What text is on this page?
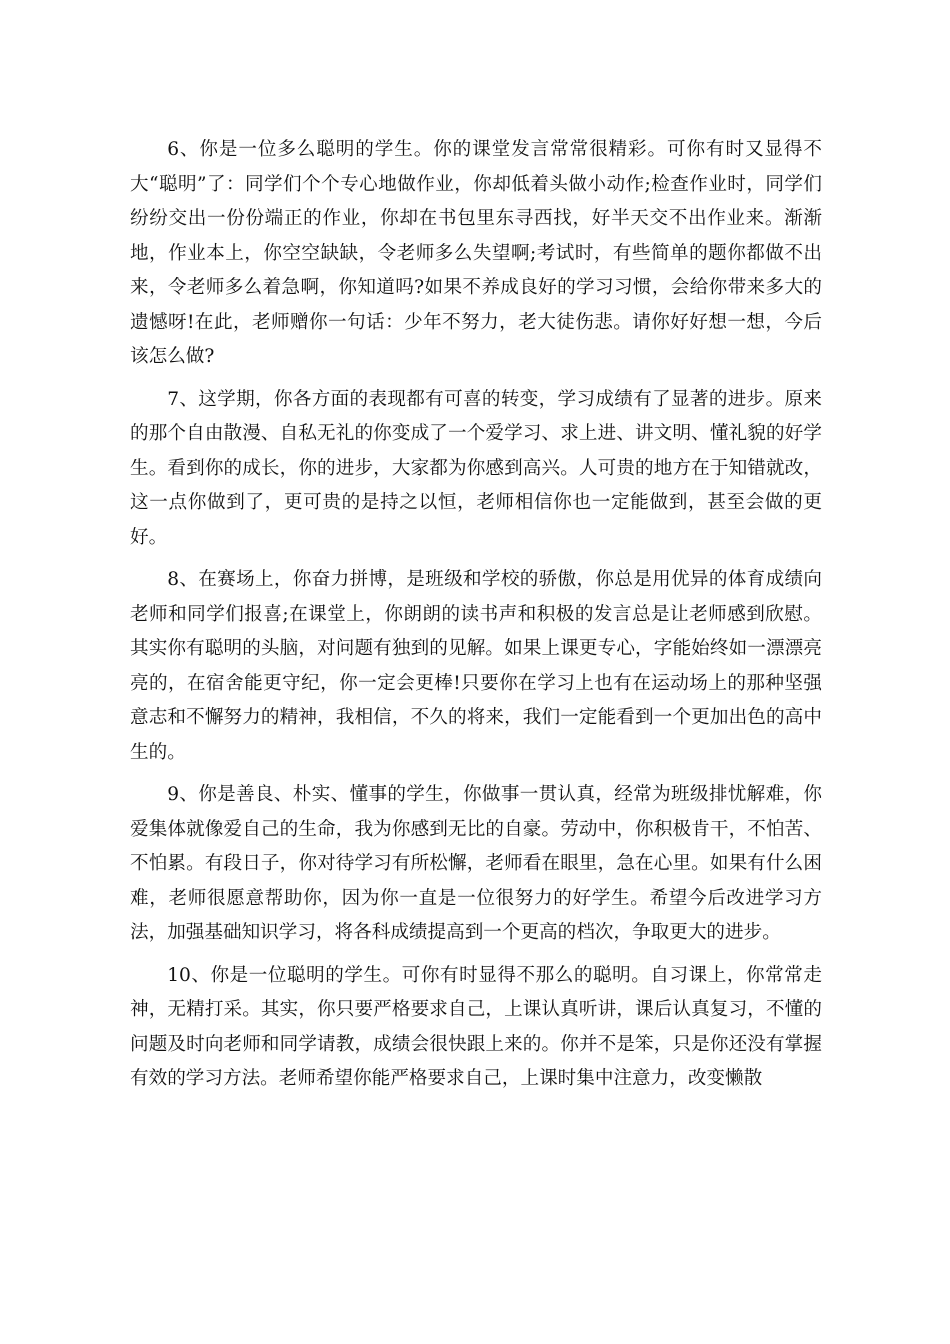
6、你是一位多么聪明的学生。你的课堂发言常常很精彩。可你有时又显得不大“聪明”了：同学们个个专心地做作业，你却低着头做小动作;检查作业时，同学们纷纷交出一份份端正的作业，你却在书包里东寻西找，好半天交不出作业来。渐渐地，作业本上，你空空缺缺，令老师多么失望啊;考试时，有些简单的题你都做不出来，令老师多么着急啊，你知道吗?如果不养成良好的学习习惯，会给你带来多大的遗憾呀!在此，老师赠你一句话：少年不努力，老大徒伤悲。请你好好想一想，今后该怎么做?

7、这学期，你各方面的表现都有可喜的转变，学习成绩有了显著的进步。原来的那个自由散漫、自私无礼的你变成了一个爱学习、求上进、讲文明、懂礼貌的好学生。看到你的成长，你的进步，大家都为你感到高兴。人可贵的地方在于知错就改，这一点你做到了，更可贵的是持之以恒，老师相信你也一定能做到，甚至会做的更好。

8、在赛场上，你奋力拼博，是班级和学校的骄傲，你总是用优异的体育成绩向老师和同学们报喜;在课堂上，你朗朗的读书声和积极的发言总是让老师感到欣慰。其实你有聪明的头脑，对问题有独到的见解。如果上课更专心，字能始终如一漂漂亮亮的，在宿舍能更守纪，你一定会更棒!只要你在学习上也有在运动场上的那种坚强意志和不懈努力的精神，我相信，不久的将来，我们一定能看到一个更加出色的高中生的。

9、你是善良、朴实、懂事的学生，你做事一贯认真，经常为班级排忧解难，你爱集体就像爱自己的生命，我为你感到无比的自豪。劳动中，你积极肯干，不怕苦、不怕累。有段日子，你对待学习有所松懈，老师看在眼里，急在心里。如果有什么困难，老师很愿意帮助你，因为你一直是一位很努力的好学生。希望今后改进学习方法，加强基础知识学习，将各科成绩提高到一个更高的档次，争取更大的进步。

10、你是一位聪明的学生。可你有时显得不那么的聪明。自习课上，你常常走神，无精打采。其实，你只要严格要求自己，上课认真听讲，课后认真复习，不懂的问题及时向老师和同学请教，成绩会很快跟上来的。你并不是笨，只是你还没有掌握有效的学习方法。老师希望你能严格要求自己，上课时集中注意力，改变懒散
